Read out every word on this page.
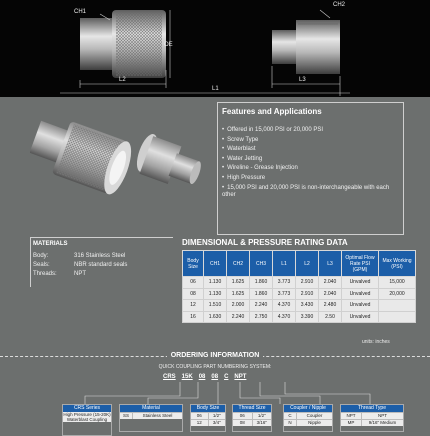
CH1
OE
L2
L1
CH2
L3
Features and Applications
• Offered in 15,000 PSI or 20,000 PSI
• Screw Type
• Waterblast
• Water Jetting
• Wireline - Grease Injection
• High Pressure
• 15,000 PSI and 20,000 PSI is non-interchangeable with each other
MATERIALS
Body:	316 Stainless Steel
Seals:	NBR standard seals
Threads:	NPT
DIMENSIONAL & PRESSURE RATING DATA
Body Size	CH1	CH2	CH3	L1	L2	L3	Optimal Flow Rate PSI (GPM)	Max Working (PSI)
06	1.130	1.625	1.860	3.773	2.910	2.040	Unvalved	15,000
08	1.130	1.625	1.860	3.773	2.910	2.040	Unvalved	20,000
12	1.510	2.000	2.240	4.370	3.430	2.480	Unvalved	
16	1.630	2.240	2.750	4.370	3.390	2.50	Unvalved	
units: inches
ORDERING INFORMATION
QUICK COUPLING PART NUMBERING SYSTEM:
CRS 15K 08 08 C NPT
CRS Series
High Pressure (15-20K) Waterblast Coupling
Material
SS	Stainless Steel
Body Size
06	1/2"
12	3/4"
Thread Size
06	1/2"
08	3/16"
Coupler / Nipple
C	Coupler
N	Nipple
Thread Type
NPT	NPT
MP	9/16" Medium
